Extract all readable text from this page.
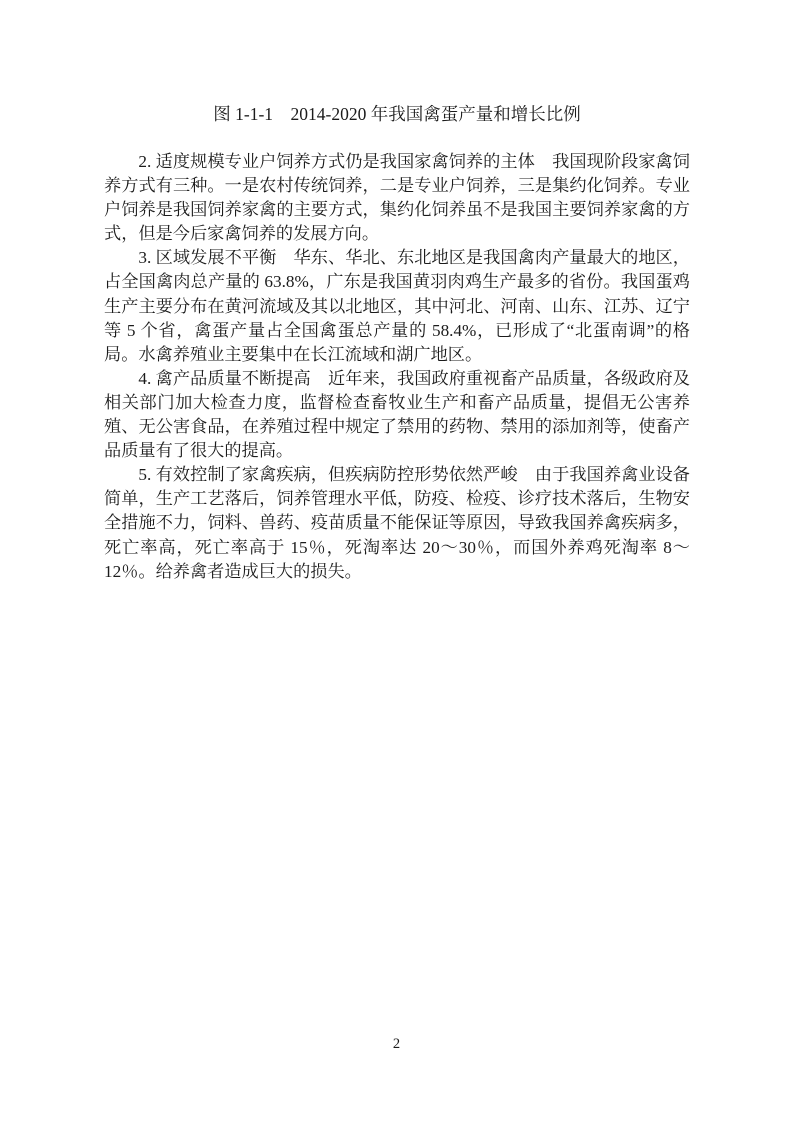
图 1-1-1　2014-2020 年我国禽蛋产量和增长比例

2. 适度规模专业户饲养方式仍是我国家禽饲养的主体　我国现阶段家禽饲养方式有三种。一是农村传统饲养，二是专业户饲养，三是集约化饲养。专业户饲养是我国饲养家禽的主要方式，集约化饲养虽不是我国主要饲养家禽的方式，但是今后家禽饲养的发展方向。

3. 区域发展不平衡　华东、华北、东北地区是我国禽肉产量最大的地区，占全国禽肉总产量的 63.8%，广东是我国黄羽肉鸡生产最多的省份。我国蛋鸡生产主要分布在黄河流域及其以北地区，其中河北、河南、山东、江苏、辽宁等 5 个省，禽蛋产量占全国禽蛋总产量的 58.4%，已形成了“北蛋南调”的格局。水禽养殖业主要集中在长江流域和湖广地区。

4. 禽产品质量不断提高　近年来，我国政府重视畜产品质量，各级政府及相关部门加大检查力度，监督检查畜牧业生产和畜产品质量，提倡无公害养殖、无公害食品，在养殖过程中规定了禁用的药物、禁用的添加剂等，使畜产品质量有了很大的提高。

5. 有效控制了家禽疾病，但疾病防控形势依然严峻　由于我国养禽业设备简单，生产工艺落后，饲养管理水平低，防疫、检疫、诊疗技术落后，生物安全措施不力，饲料、兽药、疫苗质量不能保证等原因，导致我国养禽疾病多，死亡率高，死亡率高于 15％，死淘率达 20～30％，而国外养鸡死淘率 8～12％。给养禽者造成巨大的损失。

2
